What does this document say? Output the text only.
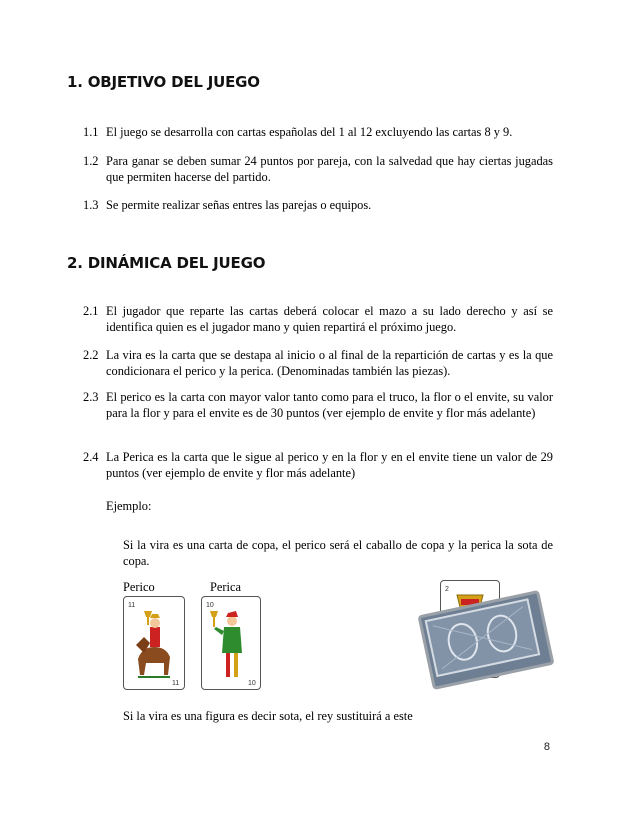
1. OBJETIVO DEL JUEGO
1.1 El juego se desarrolla con cartas españolas del 1 al 12 excluyendo las cartas 8 y 9.
1.2 Para ganar se deben sumar 24 puntos por pareja, con la salvedad que hay ciertas jugadas que permiten hacerse del partido.
1.3 Se permite realizar señas entres las parejas o equipos.
2. DINÁMICA DEL JUEGO
2.1 El jugador que reparte las cartas deberá colocar el mazo a su lado derecho y así se identifica quien es el jugador mano y quien repartirá el próximo juego.
2.2 La vira es la carta que se destapa al inicio o al final de la repartición de cartas y es la que condicionara el perico y la perica. (Denominadas también las piezas).
2.3 El perico es la carta con mayor valor tanto como para el truco, la flor o el envite, su valor para la flor y para el envite es de 30 puntos (ver ejemplo de envite y flor más adelante)
2.4 La Perica es la carta que le sigue al perico y en la flor y en el envite tiene un valor de 29 puntos (ver ejemplo de envite y flor más adelante)
Ejemplo:
Si la vira es una carta de copa, el perico será el caballo de copa y la perica la sota de copa.
Perico	Perica
11
11
10
10
2
Si la vira es una figura es decir sota, el rey sustituirá a este
8
